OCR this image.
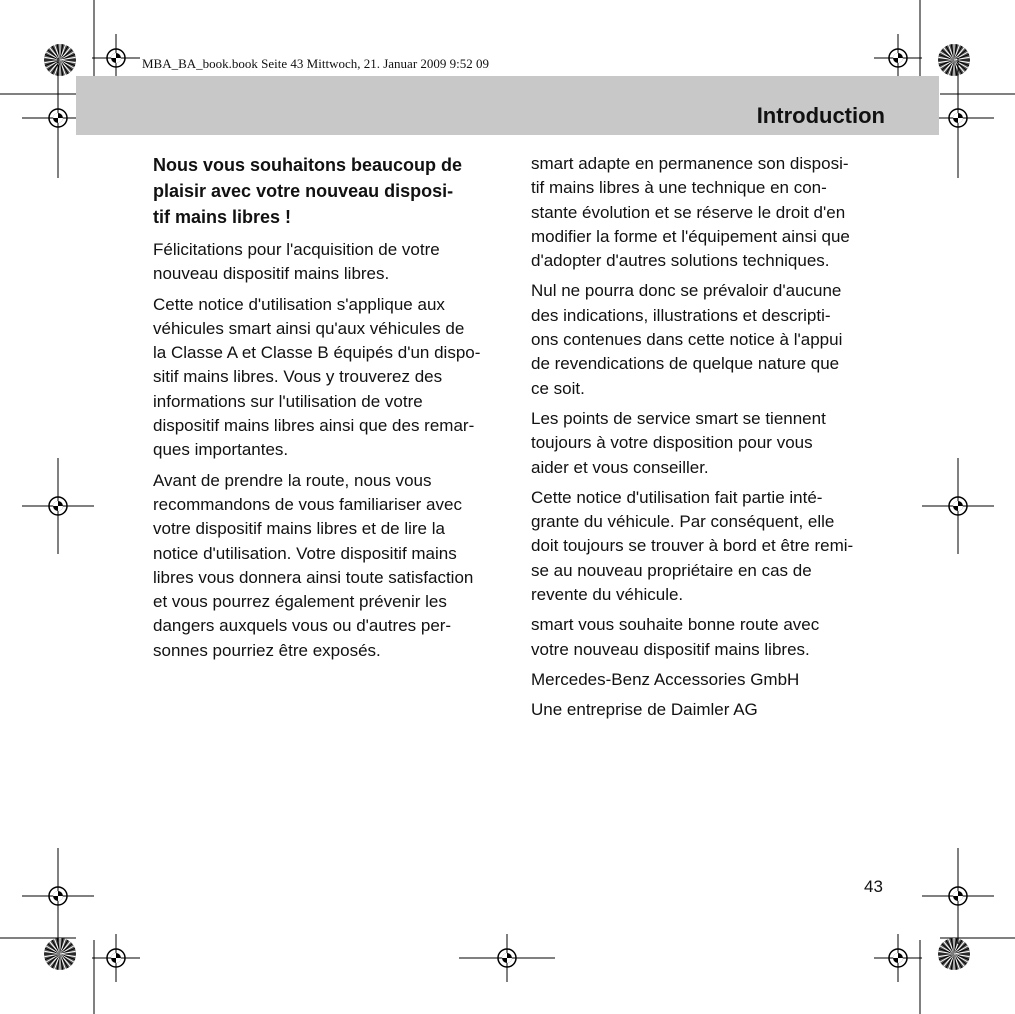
MBA_BA_book.book Seite 43 Mittwoch, 21. Januar 2009 9:52 09
Introduction
Nous vous souhaitons beaucoup de
plaisir avec votre nouveau disposi-
tif mains libres !

Félicitations pour l'acquisition de votre
nouveau dispositif mains libres.

Cette notice d'utilisation s'applique aux
véhicules smart ainsi qu'aux véhicules de
la Classe A et Classe B équipés d'un dispo-
sitif mains libres. Vous y trouverez des
informations sur l'utilisation de votre
dispositif mains libres ainsi que des remar-
ques importantes.

Avant de prendre la route, nous vous
recommandons de vous familiariser avec
votre dispositif mains libres et de lire la
notice d'utilisation. Votre dispositif mains
libres vous donnera ainsi toute satisfaction
et vous pourrez également prévenir les
dangers auxquels vous ou d'autres per-
sonnes pourriez être exposés.

smart adapte en permanence son disposi-
tif mains libres à une technique en con-
stante évolution et se réserve le droit d'en
modifier la forme et l'équipement ainsi que
d'adopter d'autres solutions techniques.

Nul ne pourra donc se prévaloir d'aucune
des indications, illustrations et descripti-
ons contenues dans cette notice à l'appui
de revendications de quelque nature que
ce soit.

Les points de service smart se tiennent
toujours à votre disposition pour vous
aider et vous conseiller.

Cette notice d'utilisation fait partie inté-
grante du véhicule. Par conséquent, elle
doit toujours se trouver à bord et être remi-
se au nouveau propriétaire en cas de
revente du véhicule.

smart vous souhaite bonne route avec
votre nouveau dispositif mains libres.

Mercedes-Benz Accessories GmbH

Une entreprise de Daimler AG

43
